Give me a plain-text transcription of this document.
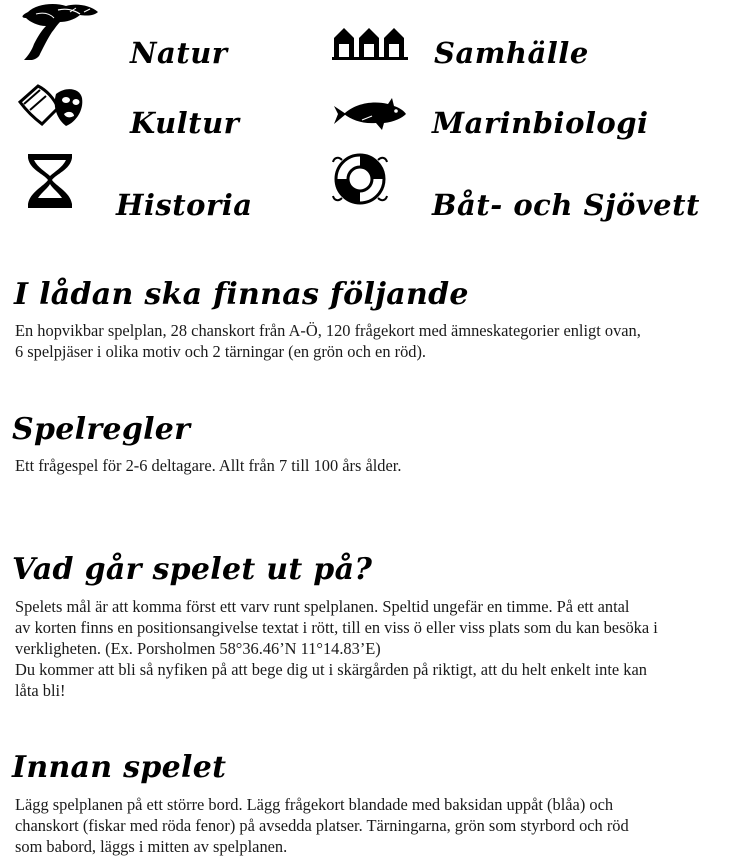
Natur	Samhälle
Kultur	Marinbiologi
Historia	Båt- och Sjövett
I lådan ska finnas följande

En hopvikbar spelplan, 28 chanskort från A-Ö, 120 frågekort med ämneskategorier enligt ovan,
6 spelpjäser i olika motiv och 2 tärningar (en grön och en röd).

Spelregler

Ett frågespel för 2-6 deltagare. Allt från 7 till 100 års ålder.

Vad går spelet ut på?

Spelets mål är att komma först ett varv runt spelplanen. Speltid ungefär en timme. På ett antal
av korten finns en positionsangivelse textat i rött, till en viss ö eller viss plats som du kan besöka i
verkligheten. (Ex. Porsholmen 58°36.46’N 11°14.83’E)
Du kommer att bli så nyfiken på att bege dig ut i skärgården på riktigt, att du helt enkelt inte kan
låta bli!

Innan spelet

Lägg spelplanen på ett större bord. Lägg frågekort blandade med baksidan uppåt (blåa) och
chanskort (fiskar med röda fenor) på avsedda platser. Tärningarna, grön som styrbord och röd
som babord, läggs i mitten av spelplanen.
